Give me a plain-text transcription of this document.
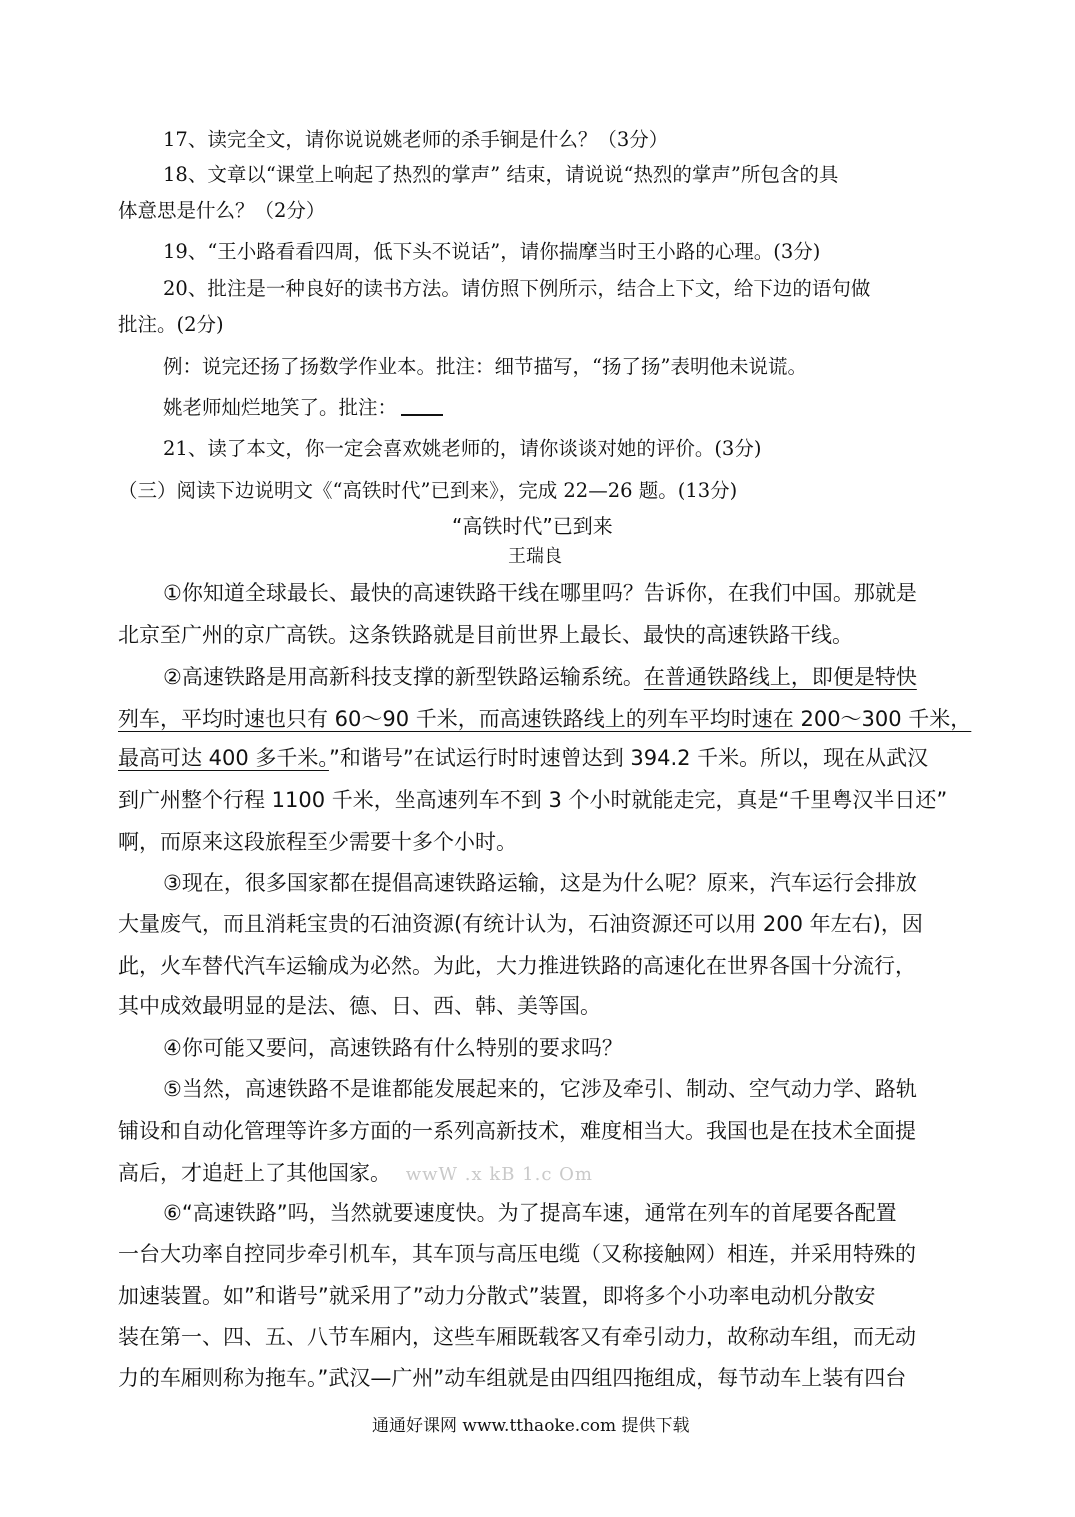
17、读完全文，请你说说姚老师的杀手锏是什么？（3分）
18、文章以“课堂上响起了热烈的掌声” 结束，请说说“热烈的掌声”所包含的具
体意思是什么？（2分）
19、“王小路看看四周，低下头不说话”，请你揣摩当时王小路的心理。(3分)
20、批注是一种良好的读书方法。请仿照下例所示，结合上下文，给下边的语句做
批注。(2分)
例：说完还扬了扬数学作业本。批注：细节描写，“扬了扬”表明他未说谎。
姚老师灿烂地笑了。批注：
21、读了本文，你一定会喜欢姚老师的，请你谈谈对她的评价。(3分)
（三）阅读下边说明文《“高铁时代”已到来》，完成 22—26 题。(13分)
“高铁时代”已到来
王瑞良
①你知道全球最长、最快的高速铁路干线在哪里吗？告诉你，在我们中国。那就是
北京至广州的京广高铁。这条铁路就是目前世界上最长、最快的高速铁路干线。
②高速铁路是用高新科技支撑的新型铁路运输系统。在普通铁路线上，即便是特快
列车，平均时速也只有 60～90 千米，而高速铁路线上的列车平均时速在 200～300 千米，
最高可达 400 多千米。”和谐号”在试运行时时速曾达到 394.2 千米。所以，现在从武汉
到广州整个行程 1100 千米，坐高速列车不到 3 个小时就能走完，真是“千里粤汉半日还”
啊，而原来这段旅程至少需要十多个小时。
③现在，很多国家都在提倡高速铁路运输，这是为什么呢？原来，汽车运行会排放
大量废气，而且消耗宝贵的石油资源(有统计认为，石油资源还可以用 200 年左右)，因
此，火车替代汽车运输成为必然。为此，大力推进铁路的高速化在世界各国十分流行，
其中成效最明显的是法、德、日、西、韩、美等国。
④你可能又要问，高速铁路有什么特别的要求吗？
⑤当然，高速铁路不是谁都能发展起来的，它涉及牵引、制动、空气动力学、路轨
铺设和自动化管理等许多方面的一系列高新技术，难度相当大。我国也是在技术全面提
高后，才追赶上了其他国家。 wwW .x kB 1.c Om
⑥“高速铁路”吗，当然就要速度快。为了提高车速，通常在列车的首尾要各配置
一台大功率自控同步牵引机车，其车顶与高压电缆（又称接触网）相连，并采用特殊的
加速装置。如”和谐号”就采用了”动力分散式”装置，即将多个小功率电动机分散安
装在第一、四、五、八节车厢内，这些车厢既载客又有牵引动力，故称动车组，而无动
力的车厢则称为拖车。”武汉—广州”动车组就是由四组四拖组成，每节动车上装有四台
通通好课网 www.tthaoke.com 提供下载
